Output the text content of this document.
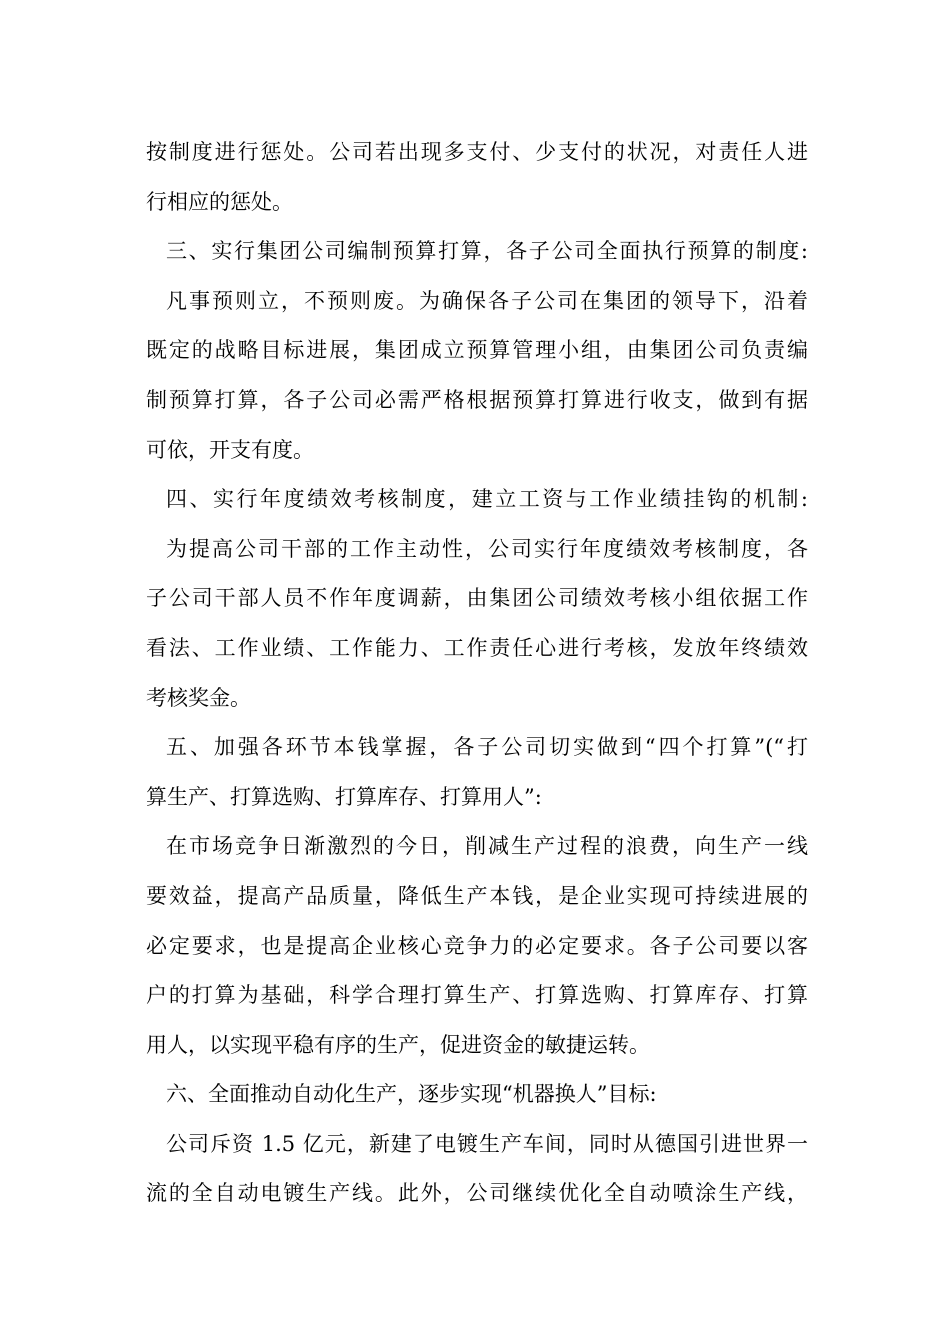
按制度进行惩处。公司若出现多支付、少支付的状况，对责任人进
行相应的惩处。
三、实行集团公司编制预算打算，各子公司全面执行预算的制度:
凡事预则立，不预则废。为确保各子公司在集团的领导下，沿着
既定的战略目标进展，集团成立预算管理小组，由集团公司负责编
制预算打算，各子公司必需严格根据预算打算进行收支，做到有据
可依，开支有度。
四、实行年度绩效考核制度，建立工资与工作业绩挂钩的机制:
为提高公司干部的工作主动性，公司实行年度绩效考核制度，各
子公司干部人员不作年度调薪，由集团公司绩效考核小组依据工作
看法、工作业绩、工作能力、工作责任心进行考核，发放年终绩效
考核奖金。
五、加强各环节本钱掌握，各子公司切实做到“四个打算”(“打
算生产、打算选购、打算库存、打算用人”:
在市场竞争日渐激烈的今日，削减生产过程的浪费，向生产一线
要效益，提高产品质量，降低生产本钱，是企业实现可持续进展的
必定要求，也是提高企业核心竞争力的必定要求。各子公司要以客
户的打算为基础，科学合理打算生产、打算选购、打算库存、打算
用人，以实现平稳有序的生产，促进资金的敏捷运转。
六、全面推动自动化生产，逐步实现“机器换人”目标:
公司斥资 1.5 亿元，新建了电镀生产车间，同时从德国引进世界一
流的全自动电镀生产线。此外，公司继续优化全自动喷涂生产线，
